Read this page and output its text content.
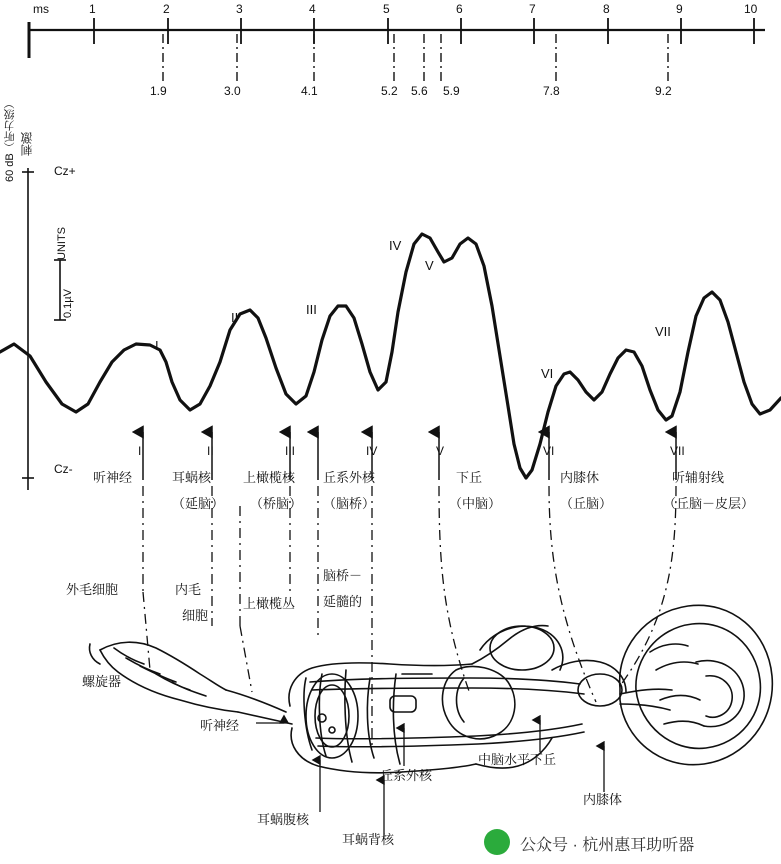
ms	1	2	3	4	5	6	7	8	9	10
1.9	3.0	4.1	5.2 5.6 5.9	7.8	9.2
刺激
60 dB（听力级）	Cz+
Cz-
UNITS
0.1µV
I
II
III
IV
V
VI
VII
I	II	III	IV	V	VI	VII
听神经	耳蜗核
（延脑）
上橄榄核
（桥脑）
丘系外核
（脑桥）
下丘
（中脑）
内膝休
（丘脑）
听辅射线
（丘脑－皮层）
外毛细胞	内毛
细胞
上橄榄丛
脑桥－
延髓的
螺旋器
听神经
耳蜗腹核
耳蜗背核
丘系外核
中脑水平下丘
内膝体
公众号 · 杭州惠耳助听器
